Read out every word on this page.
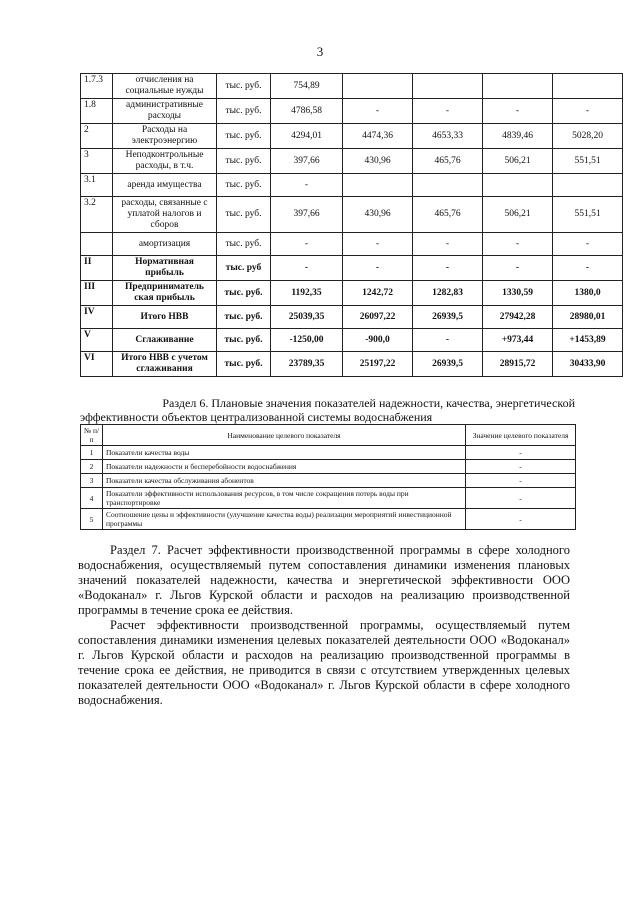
3
1.7.3	отчисления на социальные нужды	тыс. руб.	754,89				
1.8	административные расходы	тыс. руб.	4786,58	-	-	-	-
2	Расходы на электроэнергию	тыс. руб.	4294,01	4474,36	4653,33	4839,46	5028,20
3	Неподконтрольные расходы, в т.ч.	тыс. руб.	397,66	430,96	465,76	506,21	551,51
3.1	аренда имущества	тыс. руб.	-				
3.2	расходы, связанные с уплатой налогов и сборов	тыс. руб.	397,66	430,96	465,76	506,21	551,51
	амортизация	тыс. руб.	-	-	-	-	-
II	Нормативная прибыль	тыс. руб	-	-	-	-	-
III	Предприниматель ская прибыль	тыс. руб.	1192,35	1242,72	1282,83	1330,59	1380,0
IV	Итого НВВ	тыс. руб.	25039,35	26097,22	26939,5	27942,28	28980,01
V	Сглаживание	тыс. руб.	-1250,00	-900,0	-	+973,44	+1453,89
VI	Итого НВВ с учетом сглаживания	тыс. руб.	23789,35	25197,22	26939,5	28915,72	30433,90
Раздел 6. Плановые значения показателей надежности, качества, энергетической
эффективности объектов централизованной системы водоснабжения
№ п/п	Наименование целевого показателя	Значение целевого показателя
1	Показатели качества воды	-
2	Показатели надежности и бесперебойности водоснабжения	-
3	Показатели качества обслуживания абонентов	-
4	Показатели эффективности использования ресурсов, в том числе сокращения потерь воды при транспортировке	-
5	Соотношение цены и эффективности (улучшение качества воды) реализации мероприятий инвестиционной программы	-

Раздел 7. Расчет эффективности производственной программы в сфере холодного водоснабжения, осуществляемый путем сопоставления динамики изменения плановых значений показателей надежности, качества и энергетической эффективности ООО «Водоканал» г. Льгов Курской области и расходов на реализацию производственной программы в течение срока ее действия.

Расчет эффективности производственной программы, осуществляемый путем сопоставления динамики изменения целевых показателей деятельности ООО «Водоканал» г. Льгов Курской области и расходов на реализацию производственной программы в течение срока ее действия, не приводится в связи с отсутствием утвержденных целевых показателей деятельности ООО «Водоканал» г. Льгов Курской области в сфере холодного водоснабжения.
